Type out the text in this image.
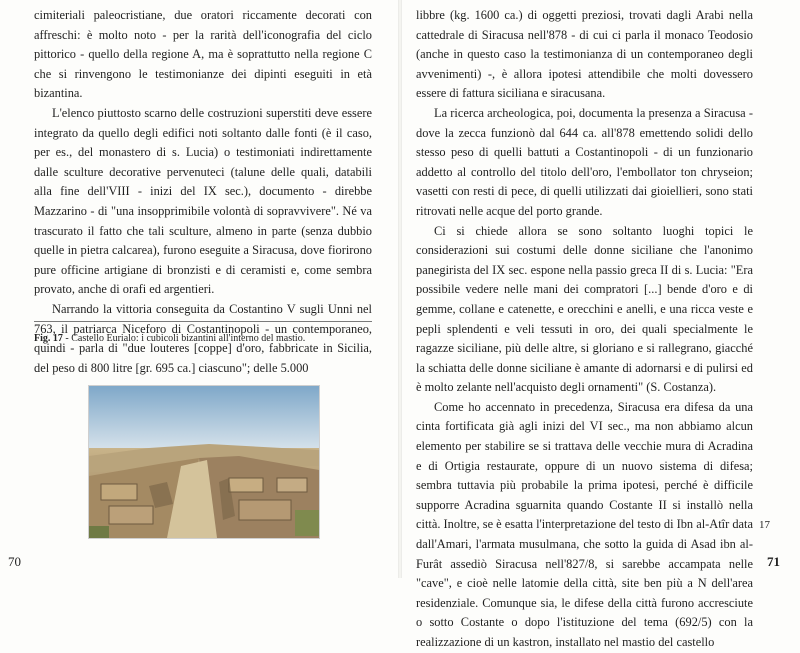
cimiteriali paleocristiane, due oratori riccamente decorati con affreschi: è molto noto - per la rarità dell'iconografia del ciclo pittorico - quello della regione A, ma è soprattutto nella regione C che si rinvengono le testimonianze dei dipinti eseguiti in età bizantina.

L'elenco piuttosto scarno delle costruzioni superstiti deve essere integrato da quello degli edifici noti soltanto dalle fonti (è il caso, per es., del monastero di s. Lucia) o testimoniati indirettamente dalle sculture decorative pervenuteci (talune delle quali, databili alla fine dell'VIII - inizi del IX sec.), documento - direbbe Mazzarino - di "una insopprimibile volontà di sopravvivere". Né va trascurato il fatto che tali sculture, almeno in parte (senza dubbio quelle in pietra calcarea), furono eseguite a Siracusa, dove fiorirono pure officine artigiane di bronzisti e di ceramisti e, come sembra provato, anche di orafi ed argentieri.

Narrando la vittoria conseguita da Costantino V sugli Unni nel 763, il patriarca Niceforo di Costantinopoli - un contemporaneo, quindi - parla di "due louteres [coppe] d'oro, fabbricate in Sicilia, del peso di 800 litre [gr. 695 ca.] ciascuno"; delle 5.000

Fig. 17 - Castello Eurialo: i cubicoli bizantini all'interno del mastio.
70

libbre (kg. 1600 ca.) di oggetti preziosi, trovati dagli Arabi nella cattedrale di Siracusa nell'878 - di cui ci parla il monaco Teodosio (anche in questo caso la testimonianza di un contemporaneo degli avvenimenti) -, è allora ipotesi attendibile che molti dovessero essere di fattura siciliana e siracusana.

La ricerca archeologica, poi, documenta la presenza a Siracusa - dove la zecca funzionò dal 644 ca. all'878 emettendo solidi dello stesso peso di quelli battuti a Costantinopoli - di un funzionario addetto al controllo del titolo dell'oro, l'embollator ton chryseion; vasetti con resti di pece, di quelli utilizzati dai gioiellieri, sono stati ritrovati nelle acque del porto grande.

Ci si chiede allora se sono soltanto luoghi topici le considerazioni sui costumi delle donne siciliane che l'anonimo panegirista del IX sec. espone nella passio greca II di s. Lucia: "Era possibile vedere nelle mani dei compratori [...] bende d'oro e di gemme, collane e catenette, e orecchini e anelli, e una ricca veste e pepli splendenti e veli tessuti in oro, dei quali specialmente le ragazze siciliane, più delle altre, si gloriano e si rallegrano, giacché la schiatta delle donne siciliane è amante di adornarsi e di pulirsi ed è molto zelante nell'acquisto degli ornamenti" (S. Costanza).

Come ho accennato in precedenza, Siracusa era difesa da una cinta fortificata già agli inizi del VI sec., ma non abbiamo alcun elemento per stabilire se si trattava delle vecchie mura di Acradina e di Ortigia restaurate, oppure di un nuovo sistema di difesa; sembra tuttavia più probabile la prima ipotesi, perché è difficile supporre Acradina sguarnita quando Costante II si installò nella città. Inoltre, se è esatta l'interpretazione del testo di Ibn al-Atîr data dall'Amari, l'armata musulmana, che sotto la guida di Asad ibn al-Furât assediò Siracusa nell'827/8, si sarebbe accampata nelle "cave", e cioè nelle latomie della città, site ben più a N dell'area residenziale. Comunque sia, le difese della città furono accresciute o sotto Costante o dopo l'istituzione del tema (692/5) con la realizzazione di un kastron, installato nel mastio del castello

17
71
